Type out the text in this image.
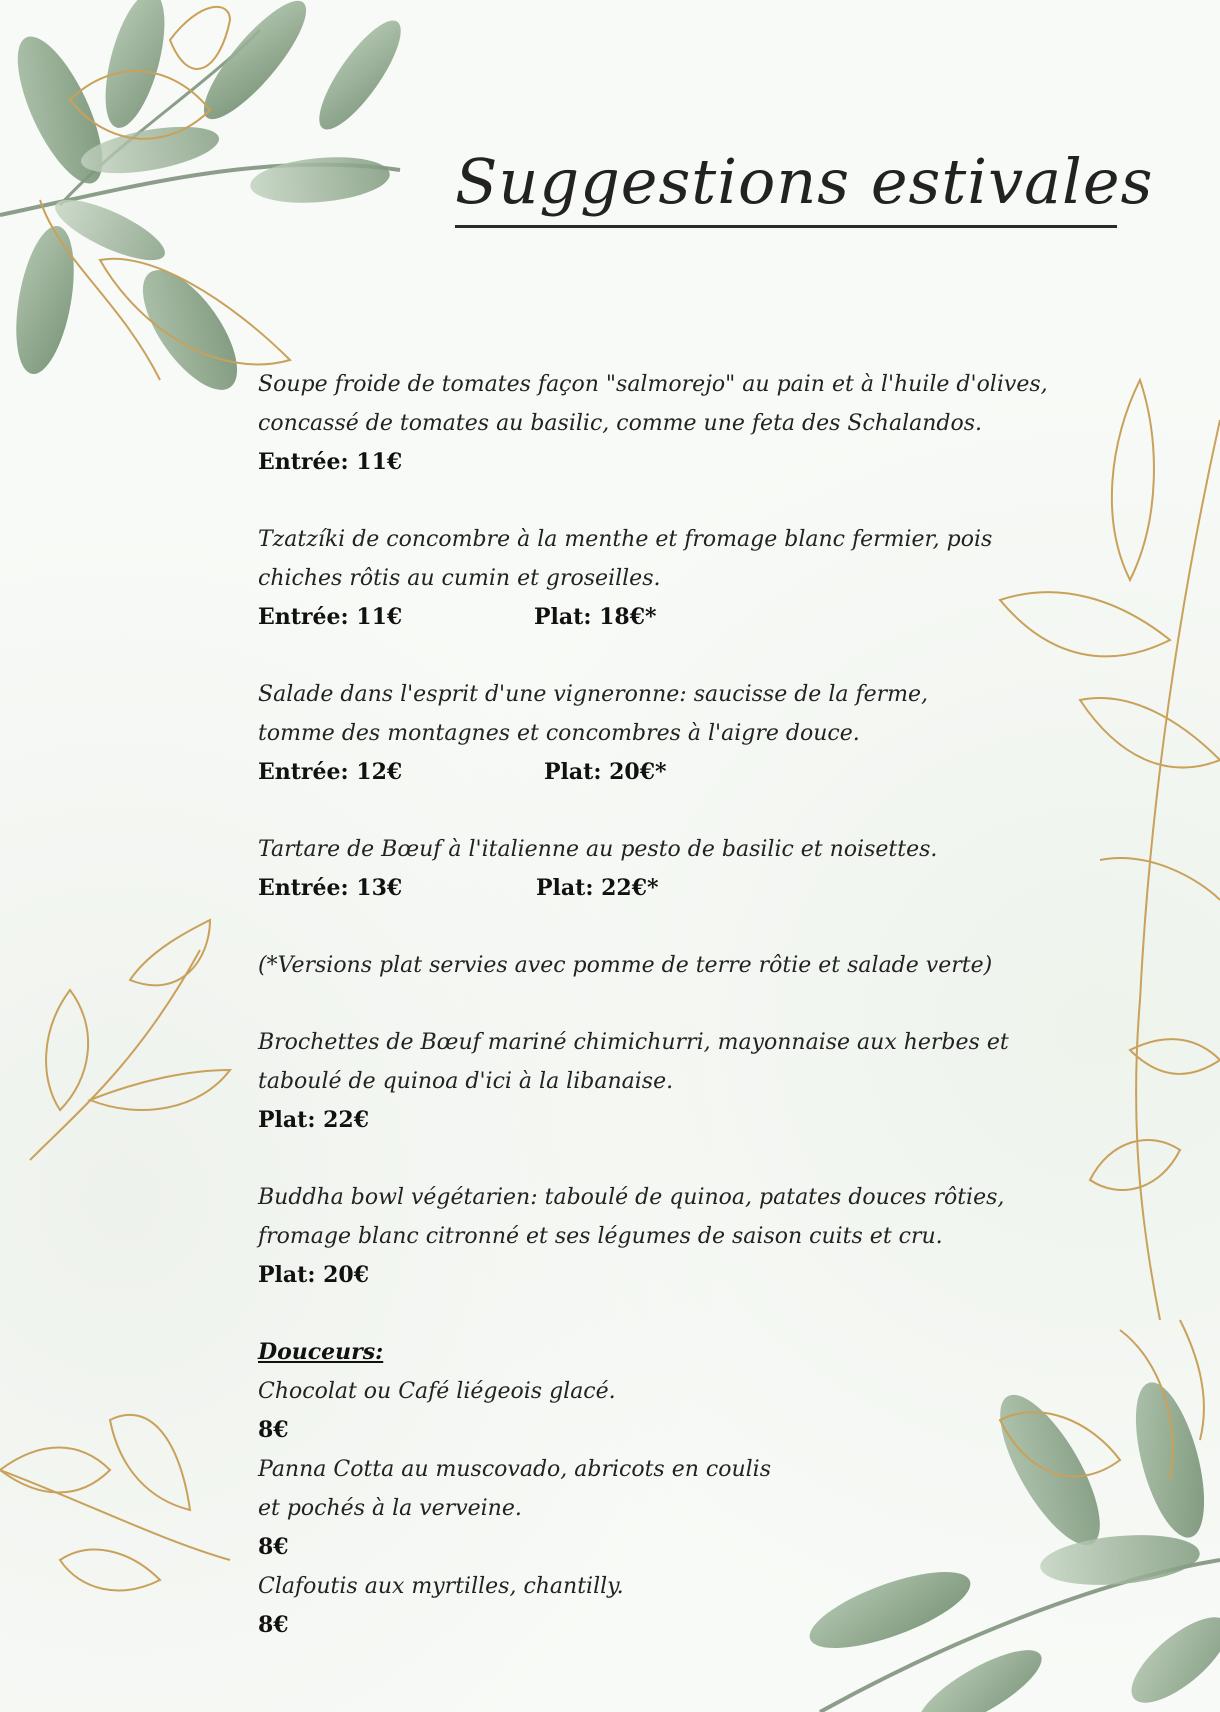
Suggestions estivales

Soupe froide de tomates façon "salmorejo" au pain et à l'huile d'olives,

concassé de tomates au basilic, comme une feta des Schalandos.

Entrée: 11€

Tzatzíki de concombre à la menthe et fromage blanc fermier, pois

chiches rôtis au cumin et groseilles.

Entrée: 11€	Plat: 18€*

Salade dans l'esprit d'une vigneronne: saucisse de la ferme,

tomme des montagnes et concombres à l'aigre douce.

Entrée: 12€	Plat: 20€*

Tartare de Bœuf à l'italienne au pesto de basilic et noisettes.

Entrée: 13€	Plat: 22€*

(*Versions plat servies avec pomme de terre rôtie et salade verte)

Brochettes de Bœuf mariné chimichurri, mayonnaise aux herbes et

taboulé de quinoa d'ici à la libanaise.

Plat: 22€

Buddha bowl végétarien: taboulé de quinoa, patates douces rôties,

fromage blanc citronné et ses légumes de saison cuits et cru.

Plat: 20€

Douceurs:

Chocolat ou Café liégeois glacé.

8€

Panna Cotta au muscovado, abricots en coulis

et pochés à la verveine.

8€

Clafoutis aux myrtilles, chantilly.

8€
